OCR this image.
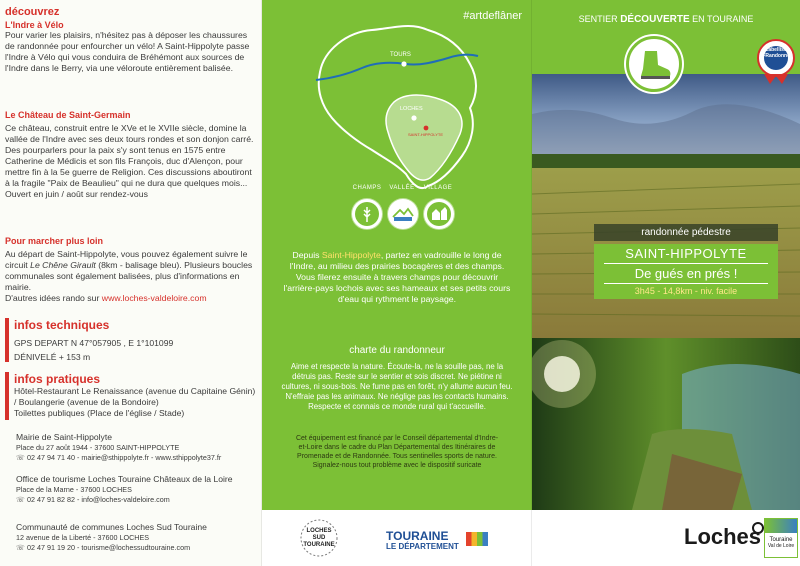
découvrez
L'Indre à Vélo
Pour varier les plaisirs, n'hésitez pas à déposer les chaussures de randonnée pour enfourcher un vélo! A Saint-Hippolyte passe l'Indre à Vélo qui vous conduira de Bréhémont aux sources de l'Indre dans le Berry, via une véloroute entièrement balisée.
Le Château de Saint-Germain
Ce château, construit entre le XVe et le XVIIe siècle, domine la vallée de l'Indre avec ses deux tours rondes et son donjon carré. Des pourparlers pour la paix s'y sont tenus en 1575 entre Catherine de Médicis et son fils François, duc d'Alençon, pour mettre fin à la 5e guerre de Religion. Ces discussions aboutiront à la fragile "Paix de Beaulieu" qui ne dura que quelques mois...
Ouvert en juin / août sur rendez-vous
Pour marcher plus loin
Au départ de Saint-Hippolyte, vous pouvez également suivre le circuit Le Chêne Girault (8km - balisage bleu). Plusieurs boucles communales sont également balisées, plus d'informations en mairie.
D'autres idées rando sur www.loches-valdeloire.com
infos techniques
GPS DEPART N 47°057905 , E 1°101099
DÉNIVELÉ + 153 m
infos pratiques
Hôtel-Restaurant Le Renaissance (avenue du Capitaine Génin) / Boulangerie (avenue de la Bondoire)
Toilettes publiques (Place de l'église / Stade)
Mairie de Saint-Hippolyte
Place du 27 août 1944 - 37600 SAINT-HIPPOLYTE
☏ 02 47 94 71 40 - mairie@sthippolyte.fr - www.sthippolyte37.fr
Office de tourisme Loches Touraine Châteaux de la Loire
Place de la Marne - 37600 LOCHES
☏ 02 47 91 82 82 - info@loches-valdeloire.com
Communauté de communes Loches Sud Touraine
12 avenue de la Liberté - 37600 LOCHES
☏ 02 47 91 19 20 - tourisme@lochessudtouraine.com
#artdeflâner
TOURS
LOCHES
SAINT-HIPPOLYTE
CHAMPS	VALLÉE	VILLAGE
Depuis Saint-Hippolyte, partez en vadrouille le long de l'Indre, au milieu des prairies bocagères et des champs. Vous filerez ensuite à travers champs pour découvrir l'arrière-pays lochois avec ses hameaux et ses petits cours d'eau qui rythment le paysage.
charte du randonneur
Aime et respecte la nature. Écoute-la, ne la souille pas, ne la détruis pas. Reste sur le sentier et sois discret. Ne piétine ni cultures, ni sous-bois. Ne fume pas en forêt, n'y allume aucun feu. N'effraie pas les animaux. Ne néglige pas les contacts humains. Respecte et connais ce monde rural qui t'accueille.
Cet équipement est financé par le Conseil départemental d'Indre-et-Loire dans le cadre du Plan Départemental des Itinéraires de Promenade et de Randonnée. Tous sentinelles sports de nature. Signalez-nous tout problème avec le dispositif suricate
LOCHES
SUD
TOURAINE
TOURAINE
LE DÉPARTEMENT
SENTIER DÉCOUVERTE EN TOURAINE
Labellisé
FFRandonnée
randonnée pédestre
SAINT-HIPPOLYTE
De gués en prés !
3h45 - 14,8km - niv. facile
Loches	Touraine
Val de Loire
